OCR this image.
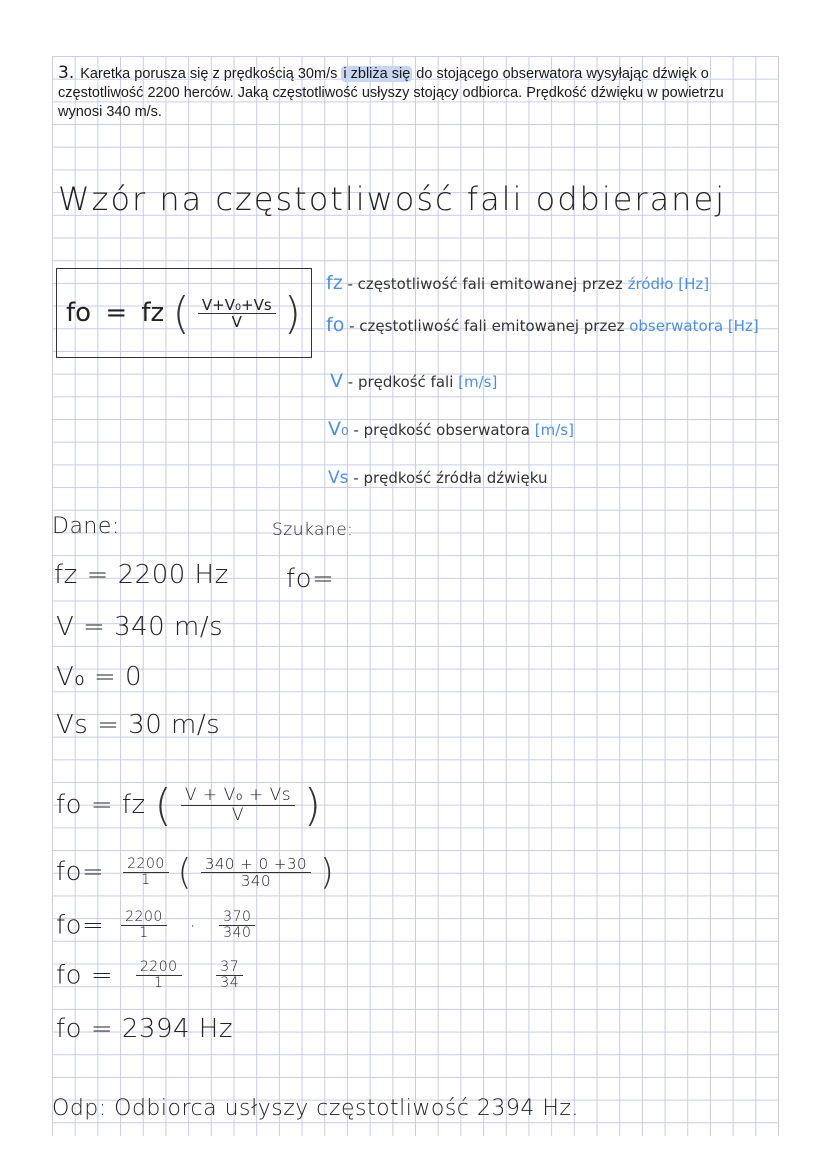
3. Karetka porusza się z prędkością 30m/s i zbliża się do stojącego obserwatora wysyłając dźwięk o częstotliwość 2200 herców. Jaką częstotliwość usłyszy stojący odbiorca. Prędkość dźwięku w powietrzu wynosi 340 m/s.
Wzór na częstotliwość fali odbieranej
fo = fz ( $\frac{\text{V+V₀+Vs}}{V}$ )
fz - częstotliwość fali emitowanej przez źródło [Hz]
fo - częstotliwość fali emitowanej przez obserwatora [Hz]
V - prędkość fali [m/s]
V₀ - prędkość obserwatora [m/s]
Vs - prędkość źródła dźwięku
Dane:	Szukane:
fz = 2200 Hz fo=
V = 340 m/s
V₀ = 0
Vs = 30 m/s
fo = fz ( $\frac{\text{V + V₀ + Vs}}{V}$ )
$fo= \frac{2200}{1}$ ( $\frac{340 + 0 +30}{340}$ )
$fo= \frac{2200}{1} \cdot \frac{370}{340}$
fo = $\frac{2200}{1}$
$\frac{37}{34}$
fo = 2394 Hz
Odp: Odbiorca usłyszy częstotliwość 2394 Hz.
